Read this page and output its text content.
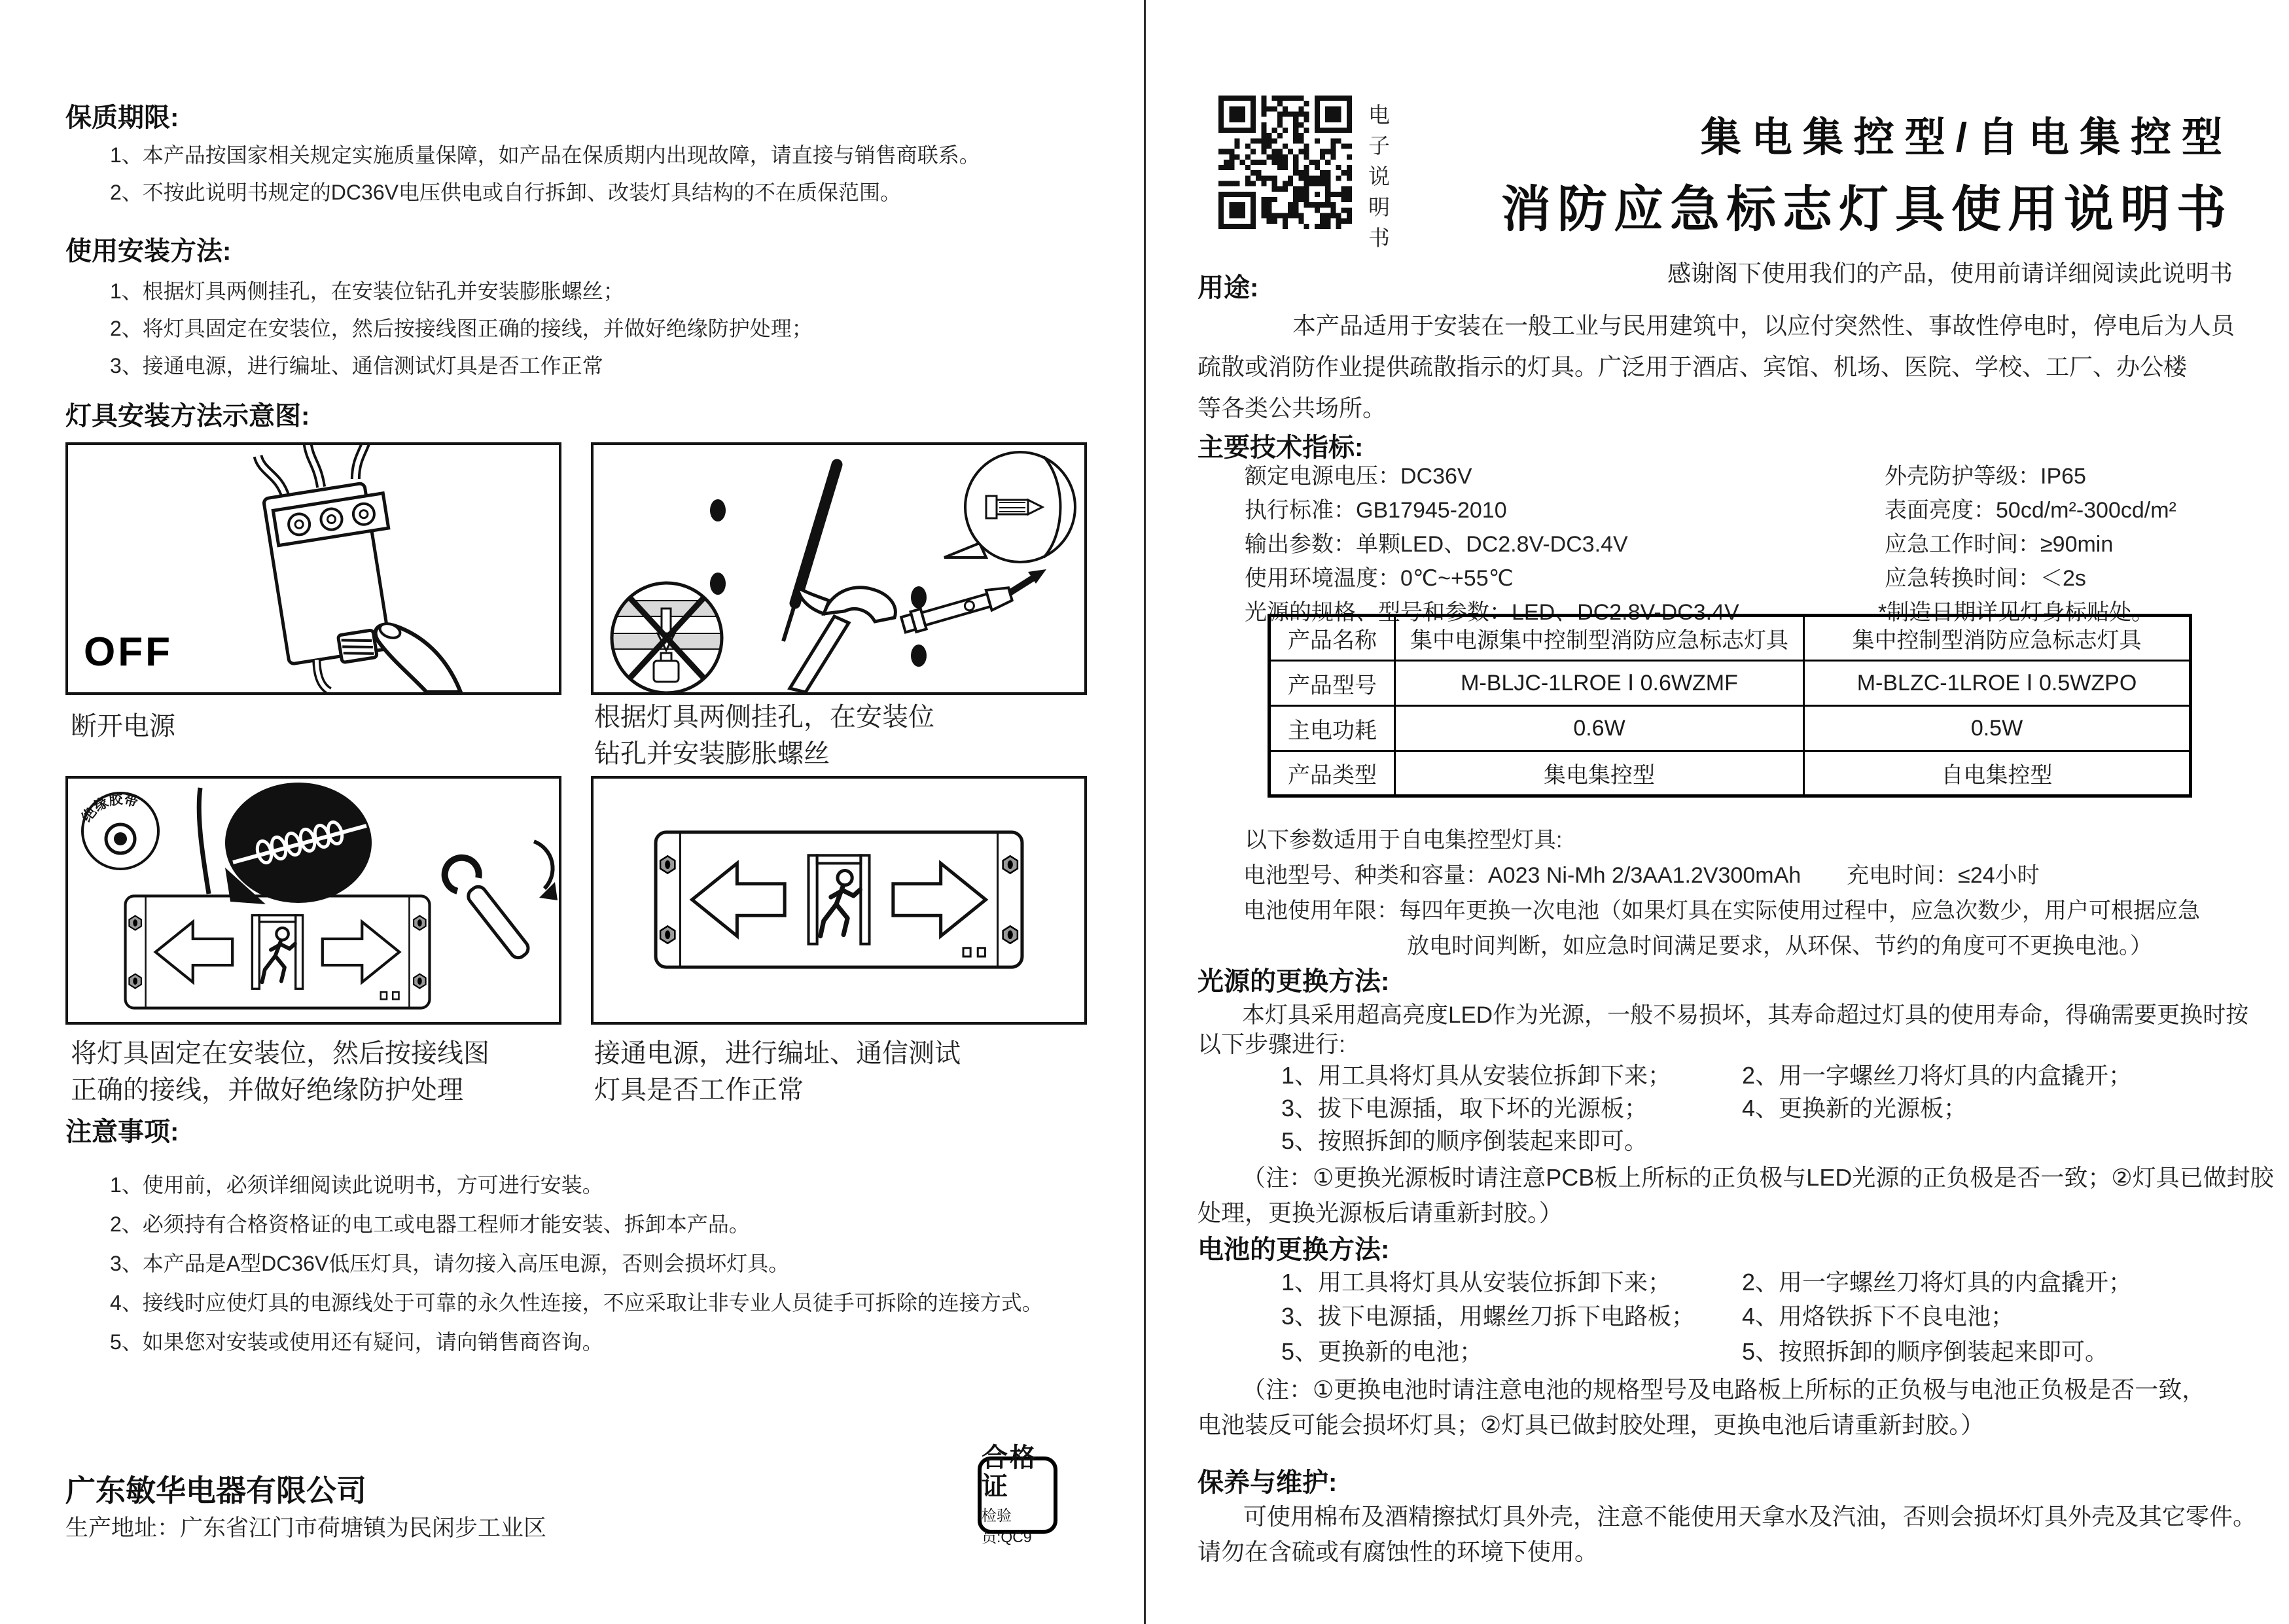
保质期限:
1、本产品按国家相关规定实施质量保障，如产品在保质期内出现故障，请直接与销售商联系。
2、不按此说明书规定的DC36V电压供电或自行拆卸、改装灯具结构的不在质保范围。
使用安装方法:
1、根据灯具两侧挂孔，在安装位钻孔并安装膨胀螺丝；
2、将灯具固定在安装位，然后按接线图正确的接线，并做好绝缘防护处理；
3、接通电源，进行编址、通信测试灯具是否工作正常
灯具安装方法示意图:
OFF
断开电源	根据灯具两侧挂孔，在安装位
钻孔并安装膨胀螺丝
绝缘胶带
将灯具固定在安装位，然后按接线图
正确的接线，并做好绝缘防护处理
接通电源，进行编址、通信测试
灯具是否工作正常
注意事项:
1、使用前，必须详细阅读此说明书，方可进行安装。
2、必须持有合格资格证的电工或电器工程师才能安装、拆卸本产品。
3、本产品是A型DC36V低压灯具，请勿接入高压电源，否则会损坏灯具。
4、接线时应使灯具的电源线处于可靠的永久性连接，不应采取让非专业人员徒手可拆除的连接方式。
5、如果您对安装或使用还有疑问，请向销售商咨询。
广东敏华电器有限公司
生产地址：广东省江门市荷塘镇为民闲步工业区
合格证
检验员:QC9
电子说明书	集电集控型/自电集控型
消防应急标志灯具使用说明书
感谢阁下使用我们的产品，使用前请详细阅读此说明书
用途:
本产品适用于安装在一般工业与民用建筑中，以应付突然性、事故性停电时，停电后为人员
疏散或消防作业提供疏散指示的灯具。广泛用于酒店、宾馆、机场、医院、学校、工厂、办公楼
等各类公共场所。
主要技术指标:
额定电源电压：DC36V
执行标准：GB17945-2010
输出参数：单颗LED、DC2.8V-DC3.4V
使用环境温度：0℃~+55℃
光源的规格、型号和参数：LED、DC2.8V-DC3.4V
外壳防护等级：IP65
表面亮度：50cd/m²-300cd/m²
应急工作时间：≥90min
应急转换时间：＜2s
*制造日期详见灯身标贴处。
产品名称	集中电源集中控制型消防应急标志灯具	集中控制型消防应急标志灯具
产品型号	M-BLJC-1LROE Ⅰ 0.6WZMF	M-BLZC-1LROE Ⅰ 0.5WZPO
主电功耗	0.6W	0.5W
产品类型	集电集控型	自电集控型
以下参数适用于自电集控型灯具:
电池型号、种类和容量：A023 Ni-Mh 2/3AA1.2V300mAh 充电时间：≤24小时
电池使用年限：每四年更换一次电池（如果灯具在实际使用过程中，应急次数少，用户可根据应急
放电时间判断，如应急时间满足要求，从环保、节约的角度可不更换电池。）
光源的更换方法:
本灯具采用超高亮度LED作为光源，一般不易损坏，其寿命超过灯具的使用寿命，得确需要更换时按
以下步骤进行:
1、用工具将灯具从安装位拆卸下来；	2、用一字螺丝刀将灯具的内盒撬开；
3、拔下电源插，取下坏的光源板；	4、更换新的光源板；
5、按照拆卸的顺序倒装起来即可。
（注：①更换光源板时请注意PCB板上所标的正负极与LED光源的正负极是否一致；②灯具已做封胶
处理，更换光源板后请重新封胶。）
电池的更换方法:
1、用工具将灯具从安装位拆卸下来；	2、用一字螺丝刀将灯具的内盒撬开；
3、拔下电源插，用螺丝刀拆下电路板； 4、用烙铁拆下不良电池；
5、更换新的电池；	5、按照拆卸的顺序倒装起来即可。
（注：①更换电池时请注意电池的规格型号及电路板上所标的正负极与电池正负极是否一致，
电池装反可能会损坏灯具；②灯具已做封胶处理，更换电池后请重新封胶。）
保养与维护:
可使用棉布及酒精擦拭灯具外壳，注意不能使用天拿水及汽油，否则会损坏灯具外壳及其它零件。
请勿在含硫或有腐蚀性的环境下使用。
